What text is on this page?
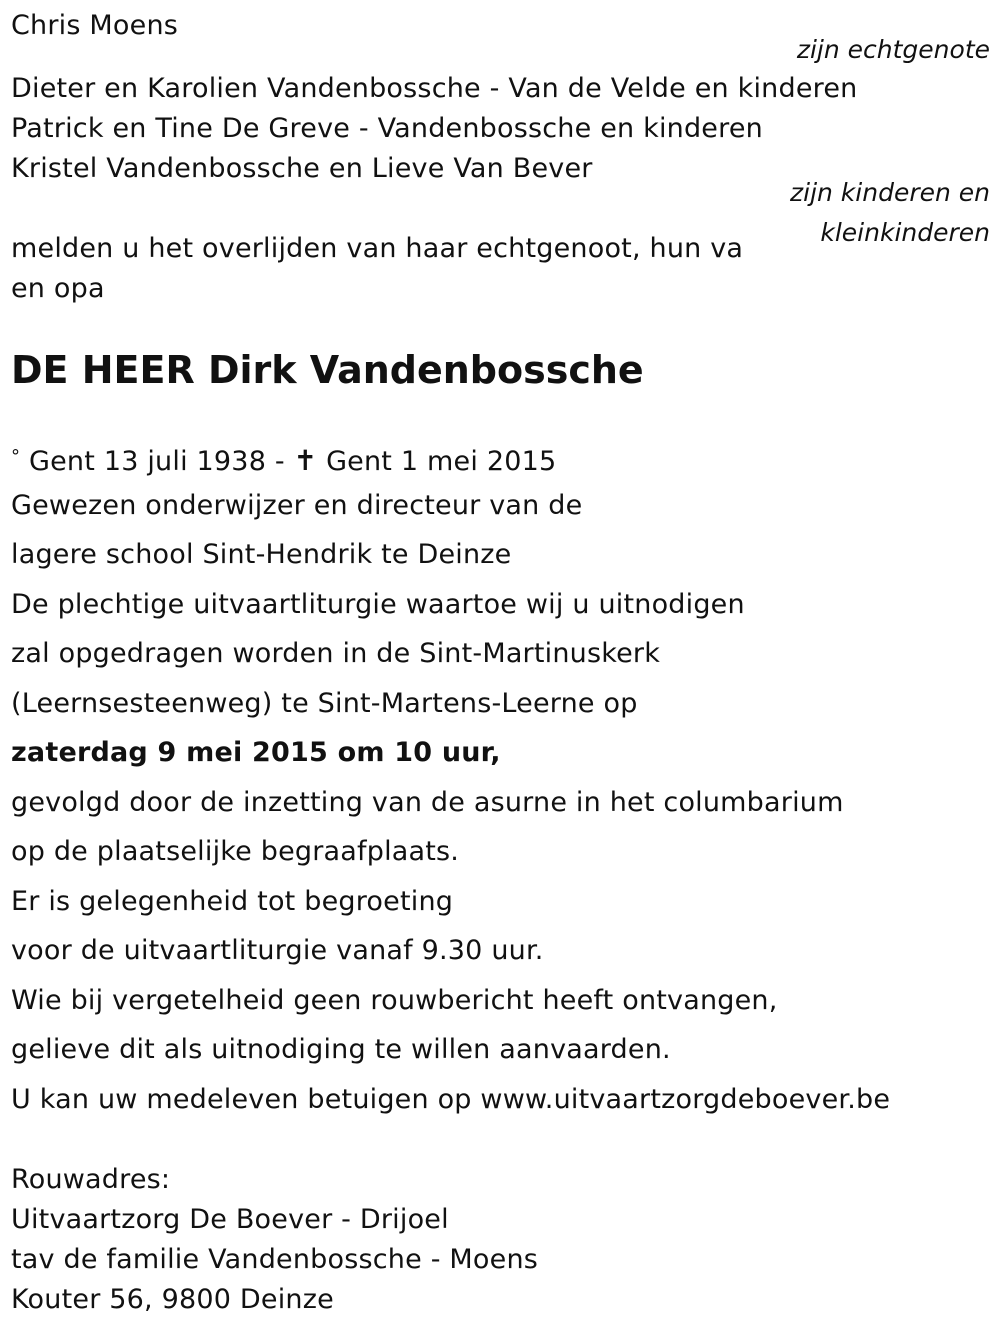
Chris Moens
zijn echtgenote
Dieter en Karolien Vandenbossche - Van de Velde en kinderen
Patrick en Tine De Greve - Vandenbossche en kinderen
Kristel Vandenbossche en Lieve Van Bever
zijn kinderen en
kleinkinderen
melden u het overlijden van haar echtgenoot, hun va
en opa
DE HEER Dirk Vandenbossche
° Gent 13 juli 1938 - ✝ Gent 1 mei 2015
Gewezen onderwijzer en directeur van de
lagere school Sint-Hendrik te Deinze
De plechtige uitvaartliturgie waartoe wij u uitnodigen
zal opgedragen worden in de Sint-Martinuskerk
(Leernsesteenweg) te Sint-Martens-Leerne op
zaterdag 9 mei 2015 om 10 uur,
gevolgd door de inzetting van de asurne in het columbarium
op de plaatselijke begraafplaats.
Er is gelegenheid tot begroeting
voor de uitvaartliturgie vanaf 9.30 uur.
Wie bij vergetelheid geen rouwbericht heeft ontvangen,
gelieve dit als uitnodiging te willen aanvaarden.
U kan uw medeleven betuigen op www.uitvaartzorgdeboever.be
Rouwadres:
Uitvaartzorg De Boever - Drijoel
tav de familie Vandenbossche - Moens
Kouter 56, 9800 Deinze
